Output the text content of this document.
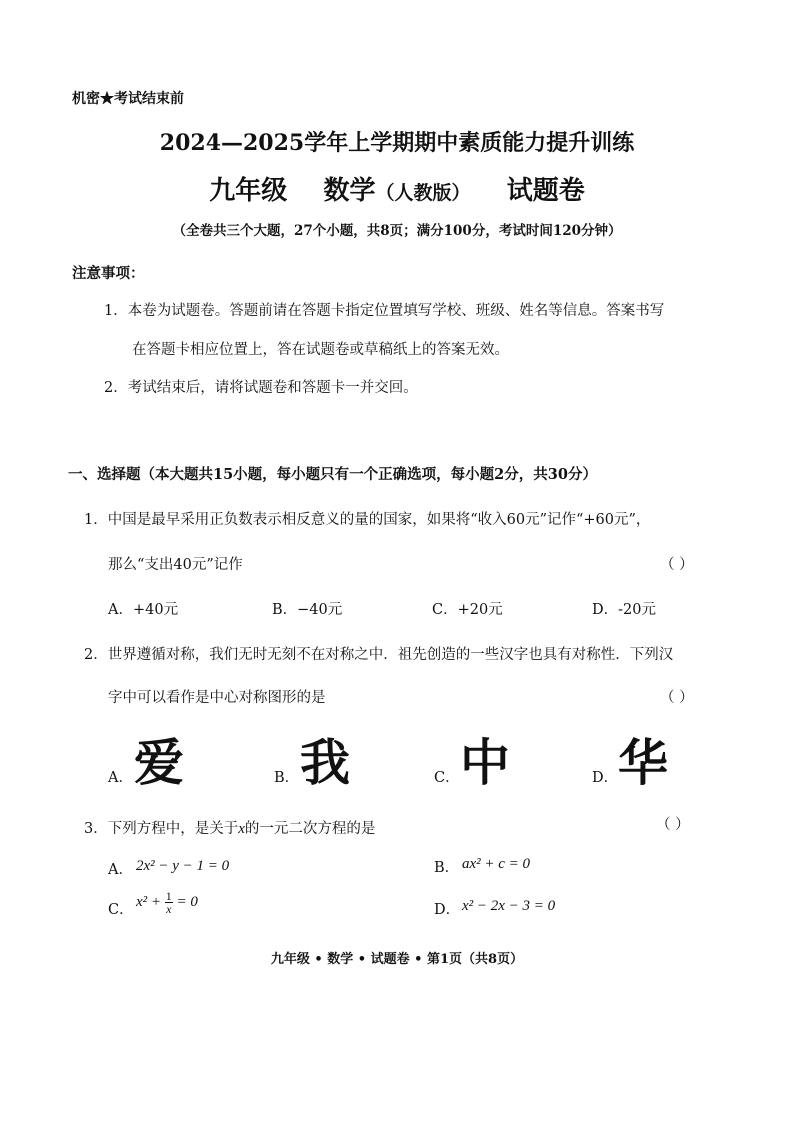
机密★考试结束前
2024—2025学年上学期期中素质能力提升训练
九年级 数学（人教版） 试题卷
（全卷共三个大题，27个小题，共8页；满分100分，考试时间120分钟）
注意事项：
1．本卷为试题卷。答题前请在答题卡指定位置填写学校、班级、姓名等信息。答案书写
在答题卡相应位置上，答在试题卷或草稿纸上的答案无效。
2．考试结束后，请将试题卷和答题卡一并交回。
一、选择题（本大题共15小题，每小题只有一个正确选项，每小题2分，共30分）
1．中国是最早采用正负数表示相反意义的量的国家，如果将“收入60元”记作“+60元”，
那么“支出40元”记作	（ ）
A．+40元	B．−40元	C．+20元	D．-20元
2．世界遵循对称，我们无时无刻不在对称之中．祖先创造的一些汉字也具有对称性．下列汉
字中可以看作是中心对称图形的是	（ ）
A． 爱	B． 我	C． 中	D． 华
3．下列方程中，是关于x的一元二次方程的是	（ ）
A． 2x² − y − 1 = 0	B． ax² + c = 0
C．
$x^2 + \frac{1}{x} = 0$
D． x² − 2x − 3 = 0
九年级 • 数学 • 试题卷 • 第1页（共8页）
